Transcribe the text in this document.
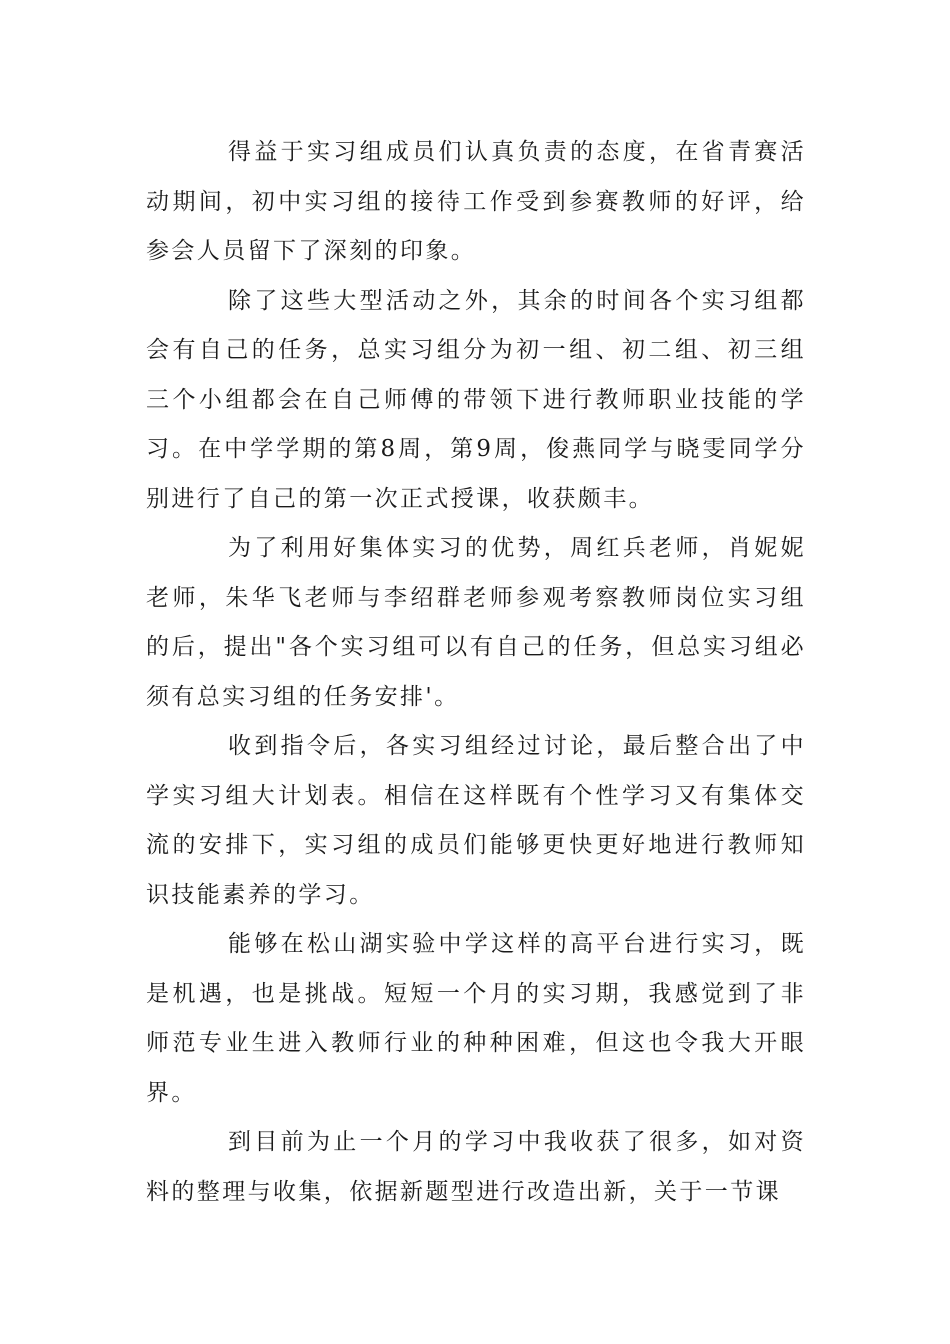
得益于实习组成员们认真负责的态度，在省青赛活动期间，初中实习组的接待工作受到参赛教师的好评，给参会人员留下了深刻的印象。

除了这些大型活动之外，其余的时间各个实习组都会有自己的任务，总实习组分为初一组、初二组、初三组三个小组都会在自己师傅的带领下进行教师职业技能的学习。在中学学期的第8周，第9周，俊燕同学与晓雯同学分别进行了自己的第一次正式授课，收获颇丰。

为了利用好集体实习的优势，周红兵老师，肖妮妮老师，朱华飞老师与李绍群老师参观考察教师岗位实习组的后，提出"各个实习组可以有自己的任务，但总实习组必须有总实习组的任务安排'。

收到指令后，各实习组经过讨论，最后整合出了中学实习组大计划表。相信在这样既有个性学习又有集体交流的安排下，实习组的成员们能够更快更好地进行教师知识技能素养的学习。

能够在松山湖实验中学这样的高平台进行实习，既是机遇，也是挑战。短短一个月的实习期，我感觉到了非师范专业生进入教师行业的种种困难，但这也令我大开眼界。

到目前为止一个月的学习中我收获了很多，如对资料的整理与收集，依据新题型进行改造出新，关于一节课
